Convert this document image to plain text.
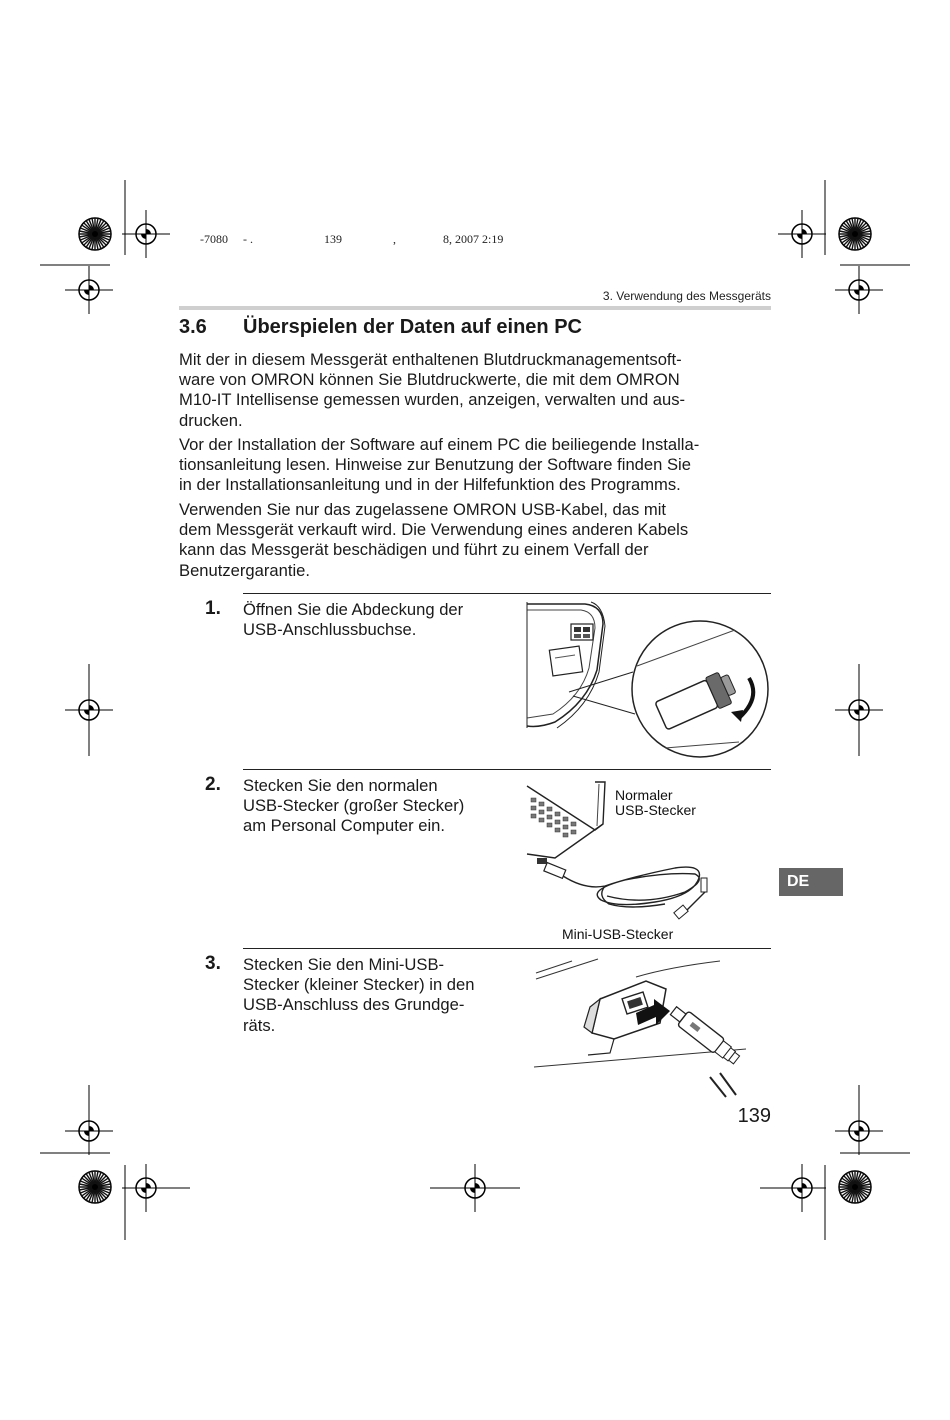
-7080 - .	139	,	8, 2007 2:19
3. Verwendung des Messgeräts
3.6 Überspielen der Daten auf einen PC
Mit der in diesem Messgerät enthaltenen Blutdruckmanagementsoft-
ware von OMRON können Sie Blutdruckwerte, die mit dem OMRON
M10-IT Intellisense gemessen wurden, anzeigen, verwalten und aus-
drucken.
Vor der Installation der Software auf einem PC die beiliegende Installa-
tionsanleitung lesen. Hinweise zur Benutzung der Software finden Sie
in der Installationsanleitung und in der Hilfefunktion des Programms.
Verwenden Sie nur das zugelassene OMRON USB-Kabel, das mit
dem Messgerät verkauft wird. Die Verwendung eines anderen Kabels
kann das Messgerät beschädigen und führt zu einem Verfall der
Benutzergarantie.
1. Öffnen Sie die Abdeckung der
USB-Anschlussbuchse.
2. Stecken Sie den normalen
USB-Stecker (großer Stecker)
am Personal Computer ein.
Normaler
USB-Stecker
Mini-USB-Stecker
DE
3. Stecken Sie den Mini-USB-
Stecker (kleiner Stecker) in den
USB-Anschluss des Grundge-
räts.
139
